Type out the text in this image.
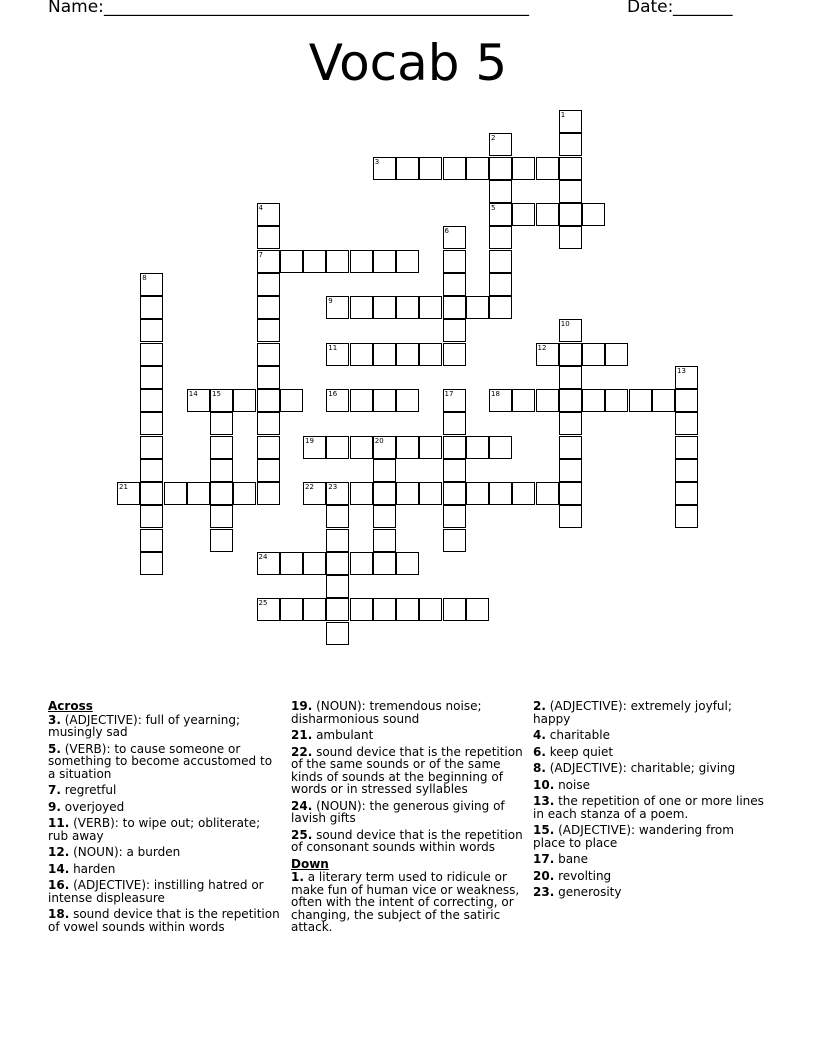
Name: __________________________________________________	Date: _______
Vocab 5
1
2
5
3
4
7
6
8
9
10
11	12
13
14 15	16	17	18
19	20
21	22 23
24
25
Across
3. (ADJECTIVE): full of yearning; musingly sad
5. (VERB): to cause someone or something to become accustomed to a situation
7. regretful
9. overjoyed
11. (VERB): to wipe out; obliterate; rub away
12. (NOUN): a burden
14. harden
16. (ADJECTIVE): instilling hatred or intense displeasure
18. sound device that is the repetition of vowel sounds within words
19. (NOUN): tremendous noise; disharmonious sound
21. ambulant
22. sound device that is the repetition of the same sounds or of the same kinds of sounds at the beginning of words or in stressed syllables
24. (NOUN): the generous giving of lavish gifts
25. sound device that is the repetition of consonant sounds within words
Down
1. a literary term used to ridicule or make fun of human vice or weakness, often with the intent of correcting, or changing, the subject of the satiric attack.
2. (ADJECTIVE): extremely joyful; happy
4. charitable
6. keep quiet
8. (ADJECTIVE): charitable; giving
10. noise
13. the repetition of one or more lines in each stanza of a poem.
15. (ADJECTIVE): wandering from place to place
17. bane
20. revolting
23. generosity
